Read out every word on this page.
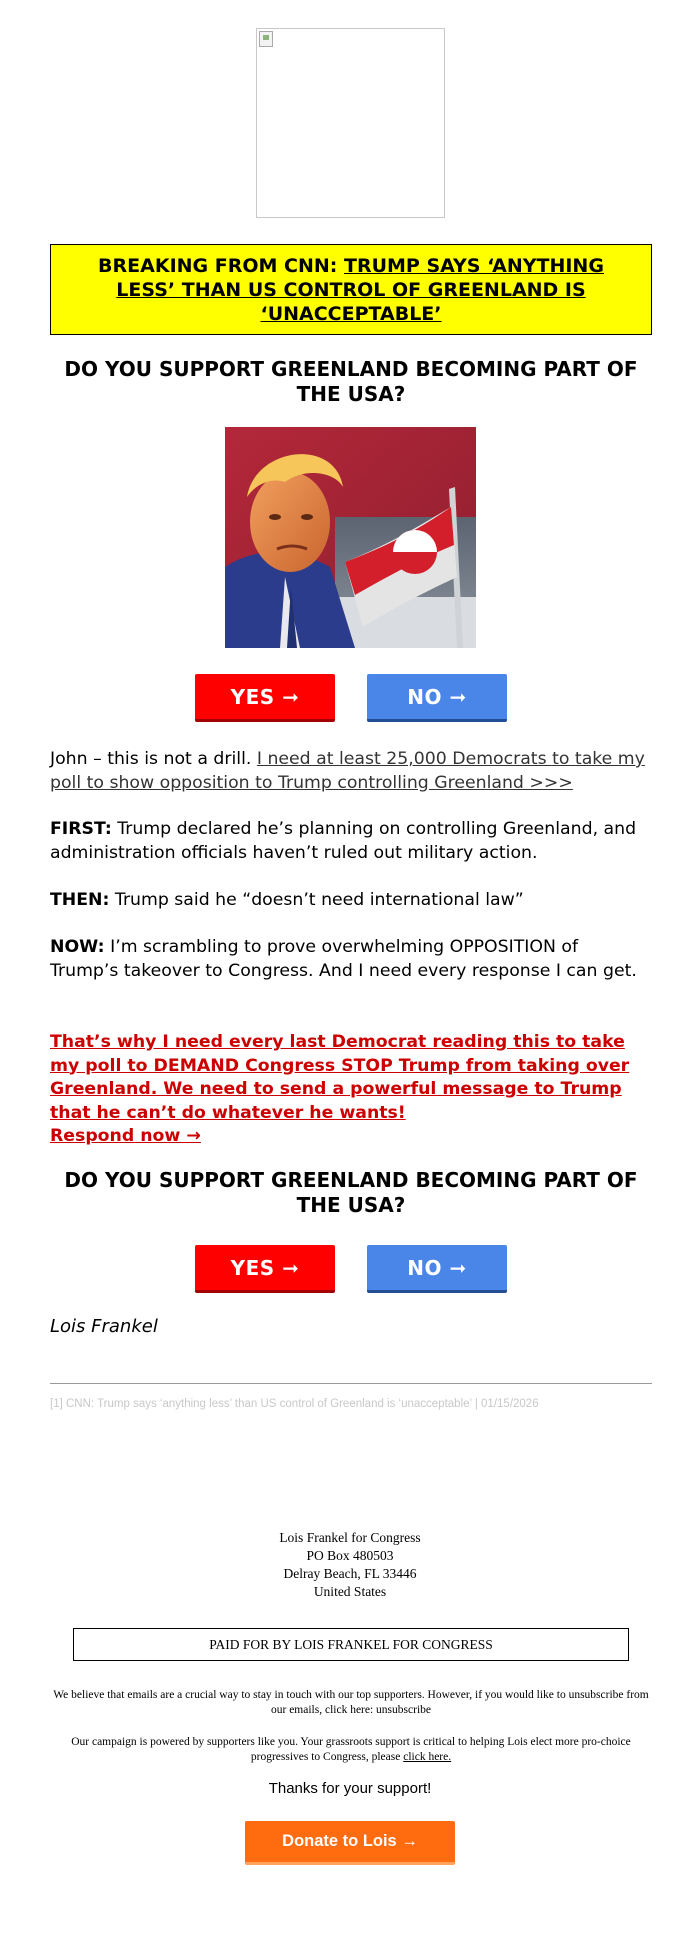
BREAKING FROM CNN: TRUMP SAYS ‘ANYTHING LESS’ THAN US CONTROL OF GREENLAND IS ‘UNACCEPTABLE’
DO YOU SUPPORT GREENLAND BECOMING PART OF THE USA?
YES ➞	NO ➞

John – this is not a drill. I need at least 25,000 Democrats to take my poll to show opposition to Trump controlling Greenland >>>

FIRST: Trump declared he’s planning on controlling Greenland, and administration officials haven’t ruled out military action.

THEN: Trump said he “doesn’t need international law”

NOW: I’m scrambling to prove overwhelming OPPOSITION of Trump’s takeover to Congress. And I need every response I can get.

That’s why I need every last Democrat reading this to take my poll to DEMAND Congress STOP Trump from taking over Greenland. We need to send a powerful message to Trump that he can’t do whatever he wants!
Respond now →

DO YOU SUPPORT GREENLAND BECOMING PART OF THE USA?
YES ➞	NO ➞
Lois Frankel
[1] CNN: Trump says ‘anything less’ than US control of Greenland is ‘unacceptable’ | 01/15/2026
Lois Frankel for Congress
PO Box 480503
Delray Beach, FL 33446
United States
PAID FOR BY LOIS FRANKEL FOR CONGRESS
We believe that emails are a crucial way to stay in touch with our top supporters. However, if you would like to unsubscribe from our emails, click here: unsubscribe
Our campaign is powered by supporters like you. Your grassroots support is critical to helping Lois elect more pro-choice progressives to Congress, please click here.
Thanks for your support!
Donate to Lois →
